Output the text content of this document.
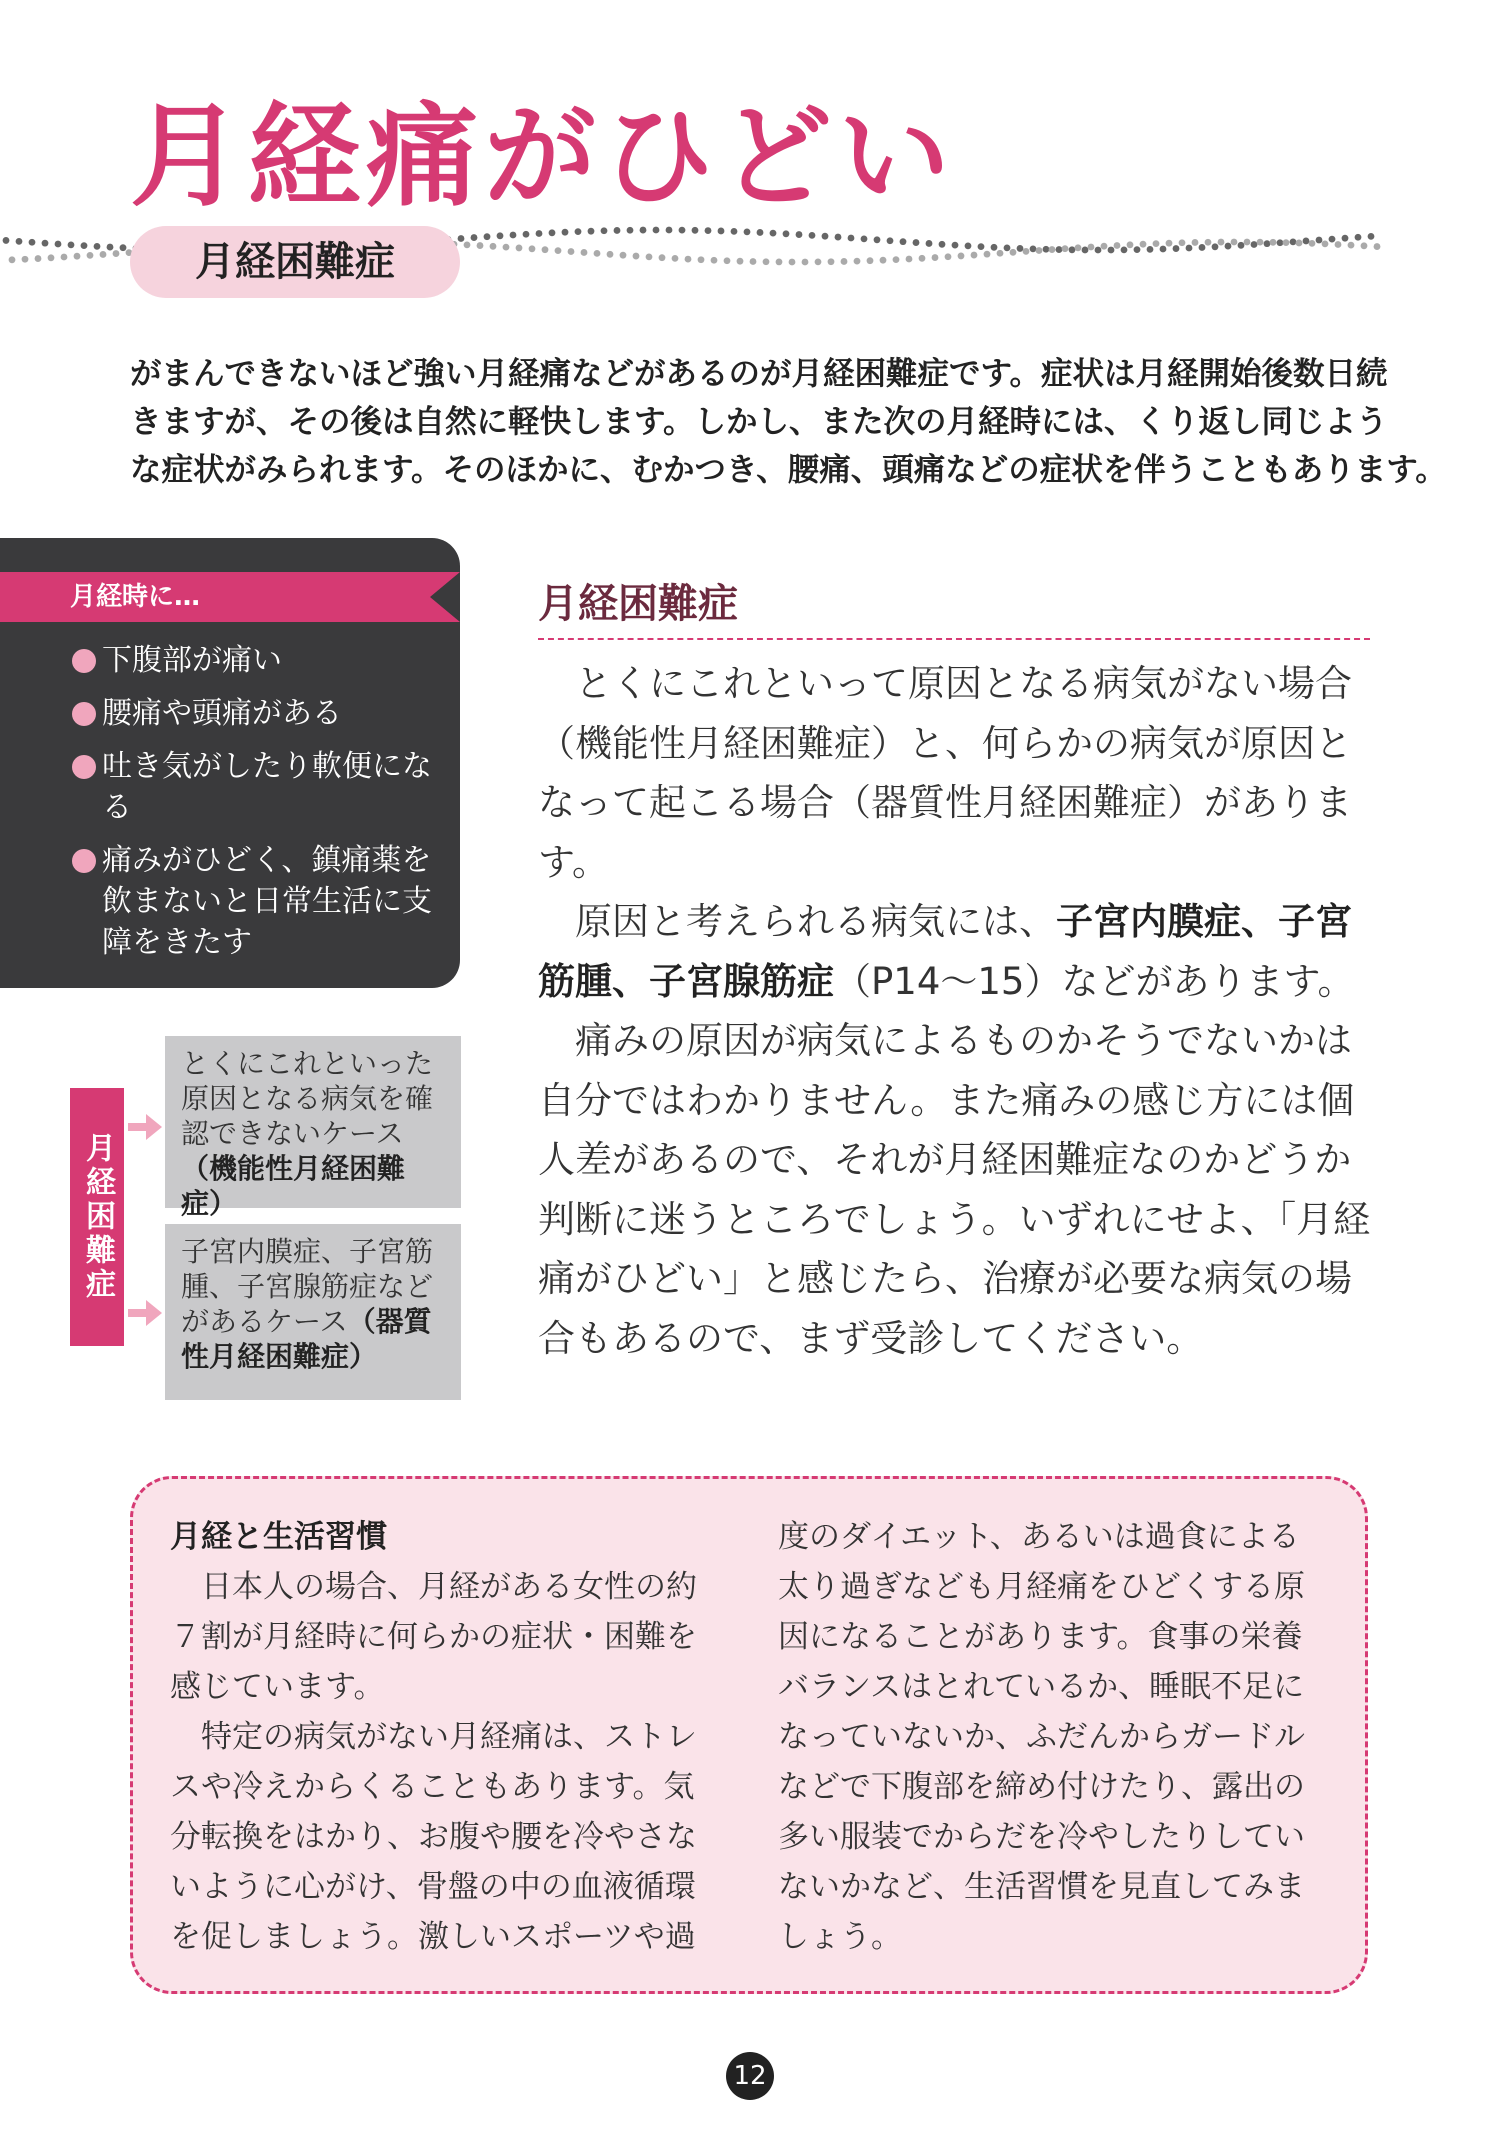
月経痛がひどい
月経困難症

がまんできないほど強い月経痛などがあるのが月経困難症です。症状は月経開始後数日続

きますが、その後は自然に軽快します。しかし、また次の月経時には、くり返し同じよう

な症状がみられます。そのほかに、むかつき、腰痛、頭痛などの症状を伴うこともあります。

月経時に…
下腹部が痛い
腰痛や頭痛がある
吐き気がしたり軟便になる
痛みがひどく、鎮痛薬を飲まないと日常生活に支障をきたす
月経困難症
とくにこれといった原因となる病気を確認できないケース（機能性月経困難症）
子宮内膜症、子宮筋腫、子宮腺筋症などがあるケース（器質性月経困難症）
月経困難症

　とくにこれといって原因となる病気がない場合

（機能性月経困難症）と、何らかの病気が原因と

なって起こる場合（器質性月経困難症）がありま

す。

　原因と考えられる病気には、子宮内膜症、子宮

筋腫、子宮腺筋症（P14～15）などがあります。

　痛みの原因が病気によるものかそうでないかは

自分ではわかりません。また痛みの感じ方には個

人差があるので、それが月経困難症なのかどうか

判断に迷うところでしょう。いずれにせよ、「月経

痛がひどい」と感じたら、治療が必要な病気の場

合もあるので、まず受診してください。

月経と生活習慣

　日本人の場合、月経がある女性の約

７割が月経時に何らかの症状・困難を

感じています。

　特定の病気がない月経痛は、ストレ

スや冷えからくることもあります。気

分転換をはかり、お腹や腰を冷やさな

いように心がけ、骨盤の中の血液循環

を促しましょう。激しいスポーツや過

度のダイエット、あるいは過食による

太り過ぎなども月経痛をひどくする原

因になることがあります。食事の栄養

バランスはとれているか、睡眠不足に

なっていないか、ふだんからガードル

などで下腹部を締め付けたり、露出の

多い服装でからだを冷やしたりしてい

ないかなど、生活習慣を見直してみま

しょう。

12
